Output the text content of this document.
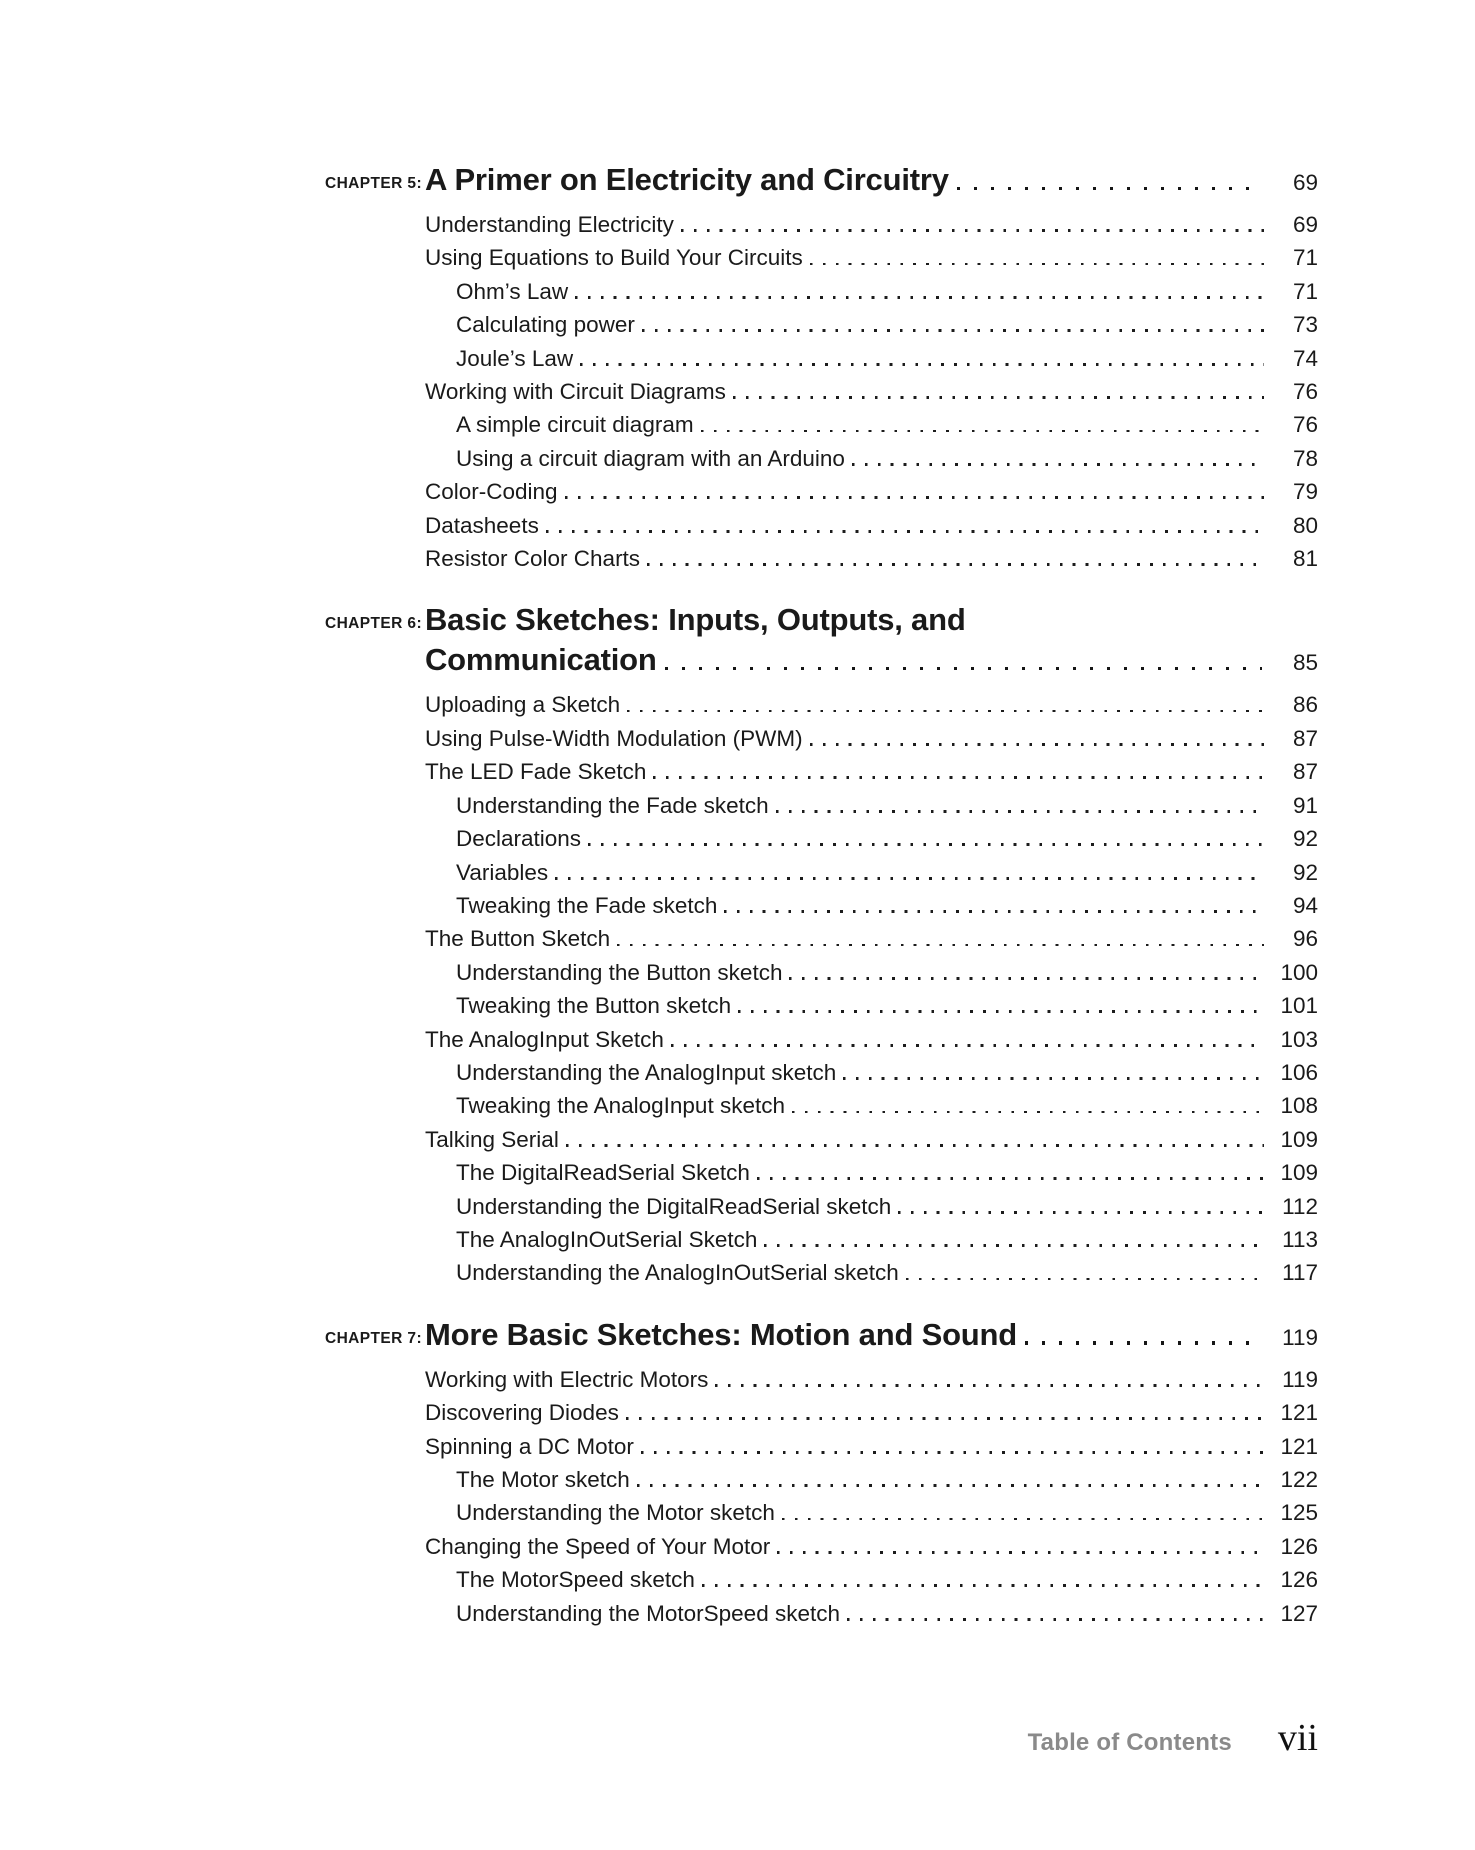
CHAPTER 5: A Primer on Electricity and Circuitry	69
Understanding Electricity	69
Using Equations to Build Your Circuits	71
Ohm’s Law	71
Calculating power	73
Joule’s Law	74
Working with Circuit Diagrams	76
A simple circuit diagram	76
Using a circuit diagram with an Arduino	78
Color-Coding	79
Datasheets	80
Resistor Color Charts	81
CHAPTER 6: Basic Sketches: Inputs, Outputs, and
Communication	85
Uploading a Sketch	86
Using Pulse-Width Modulation (PWM)	87
The LED Fade Sketch	87
Understanding the Fade sketch	91
Declarations	92
Variables	92
Tweaking the Fade sketch	94
The Button Sketch	96
Understanding the Button sketch	100
Tweaking the Button sketch	101
The AnalogInput Sketch	103
Understanding the AnalogInput sketch	106
Tweaking the AnalogInput sketch	108
Talking Serial	109
The DigitalReadSerial Sketch	109
Understanding the DigitalReadSerial sketch	112
The AnalogInOutSerial Sketch	113
Understanding the AnalogInOutSerial sketch	117
CHAPTER 7: More Basic Sketches: Motion and Sound	119
Working with Electric Motors	119
Discovering Diodes	121
Spinning a DC Motor	121
The Motor sketch	122
Understanding the Motor sketch	125
Changing the Speed of Your Motor	126
The MotorSpeed sketch	126
Understanding the MotorSpeed sketch	127
Table of Contents vii
